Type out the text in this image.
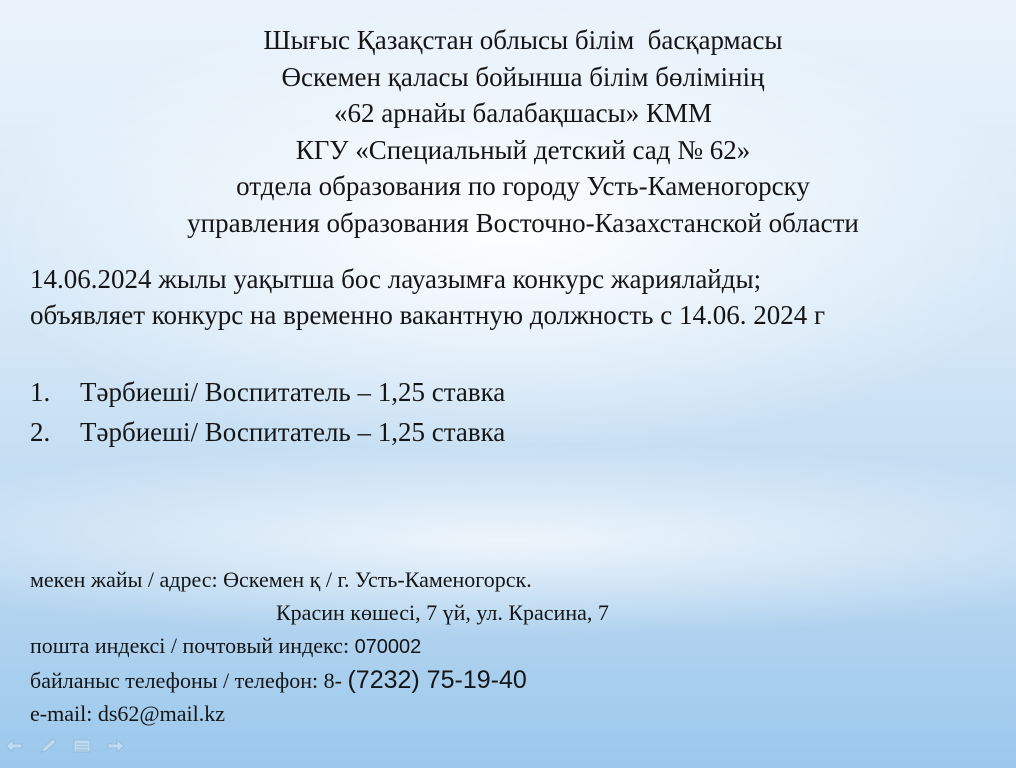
Шығыс Қазақстан облысы білім  басқармасы
Өскемен қаласы бойынша білім бөлімінің
«62 арнайы балабақшасы» КММ
КГУ «Специальный детский сад № 62»
отдела образования по городу Усть-Каменогорску
управления образования Восточно-Казахстанской области
14.06.2024 жылы уақытша бос лауазымға конкурс жариялайды;
объявляет конкурс на временно вакантную должность с 14.06. 2024 г
1.	Тәрбиеші/ Воспитатель – 1,25 ставка
2.	Тәрбиеші/ Воспитатель – 1,25 ставка
мекен жайы / адрес: Өскемен қ / г. Усть-Каменогорск.
Красин көшесі, 7 үй, ул. Красина, 7
пошта индексі / почтовый индекс: 070002
байланыс телефоны / телефон: 8- (7232) 75-19-40
e-mail: ds62@mail.kz
